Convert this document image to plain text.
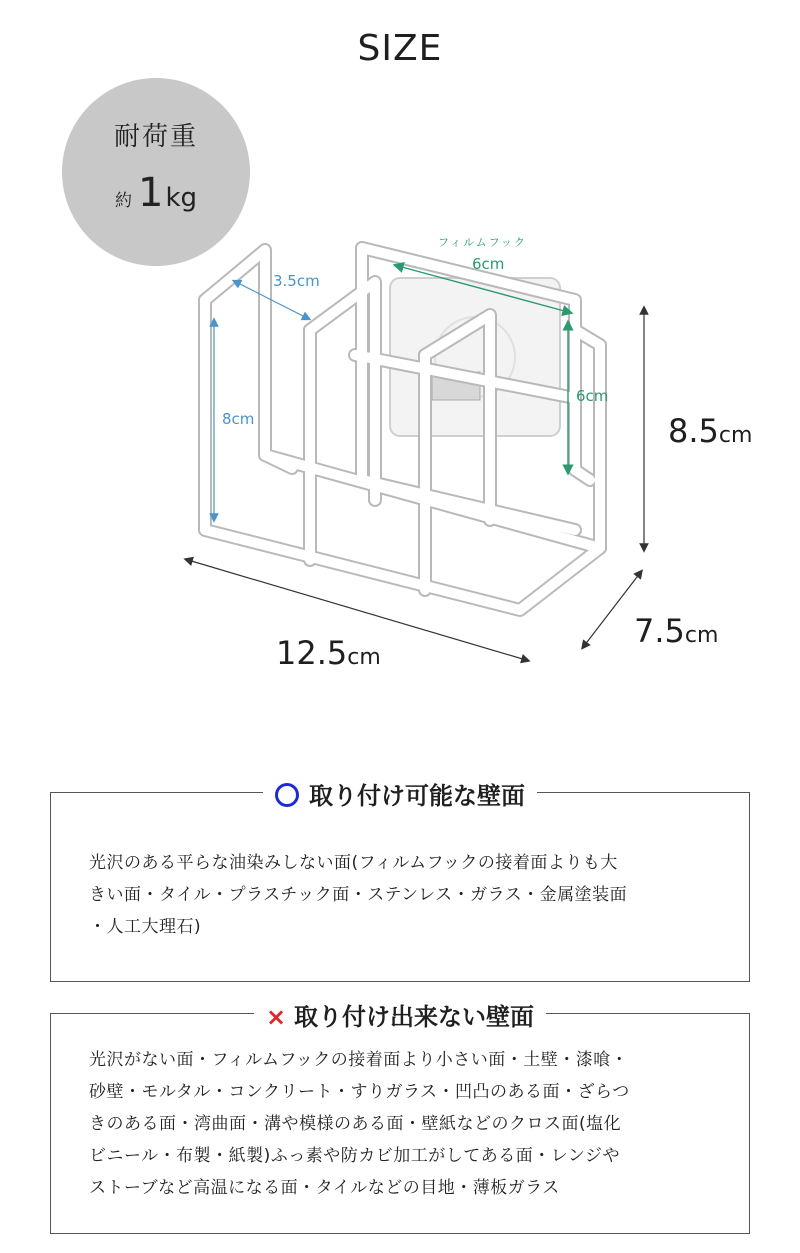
SIZE
耐荷重
約 1kg
8.5cm
7.5cm
12.5cm
3.5cm
8cm
フィルムフック
6cm
6cm
取り付け可能な壁面
光沢のある平らな油染みしない面(フィルムフックの接着面よりも大
きい面・タイル・プラスチック面・ステンレス・ガラス・金属塗装面
・人工大理石)
× 取り付け出来ない壁面
光沢がない面・フィルムフックの接着面より小さい面・土壁・漆喰・
砂壁・モルタル・コンクリート・すりガラス・凹凸のある面・ざらつ
きのある面・湾曲面・溝や模様のある面・壁紙などのクロス面(塩化
ビニール・布製・紙製)ふっ素や防カビ加工がしてある面・レンジや
ストーブなど高温になる面・タイルなどの目地・薄板ガラス
